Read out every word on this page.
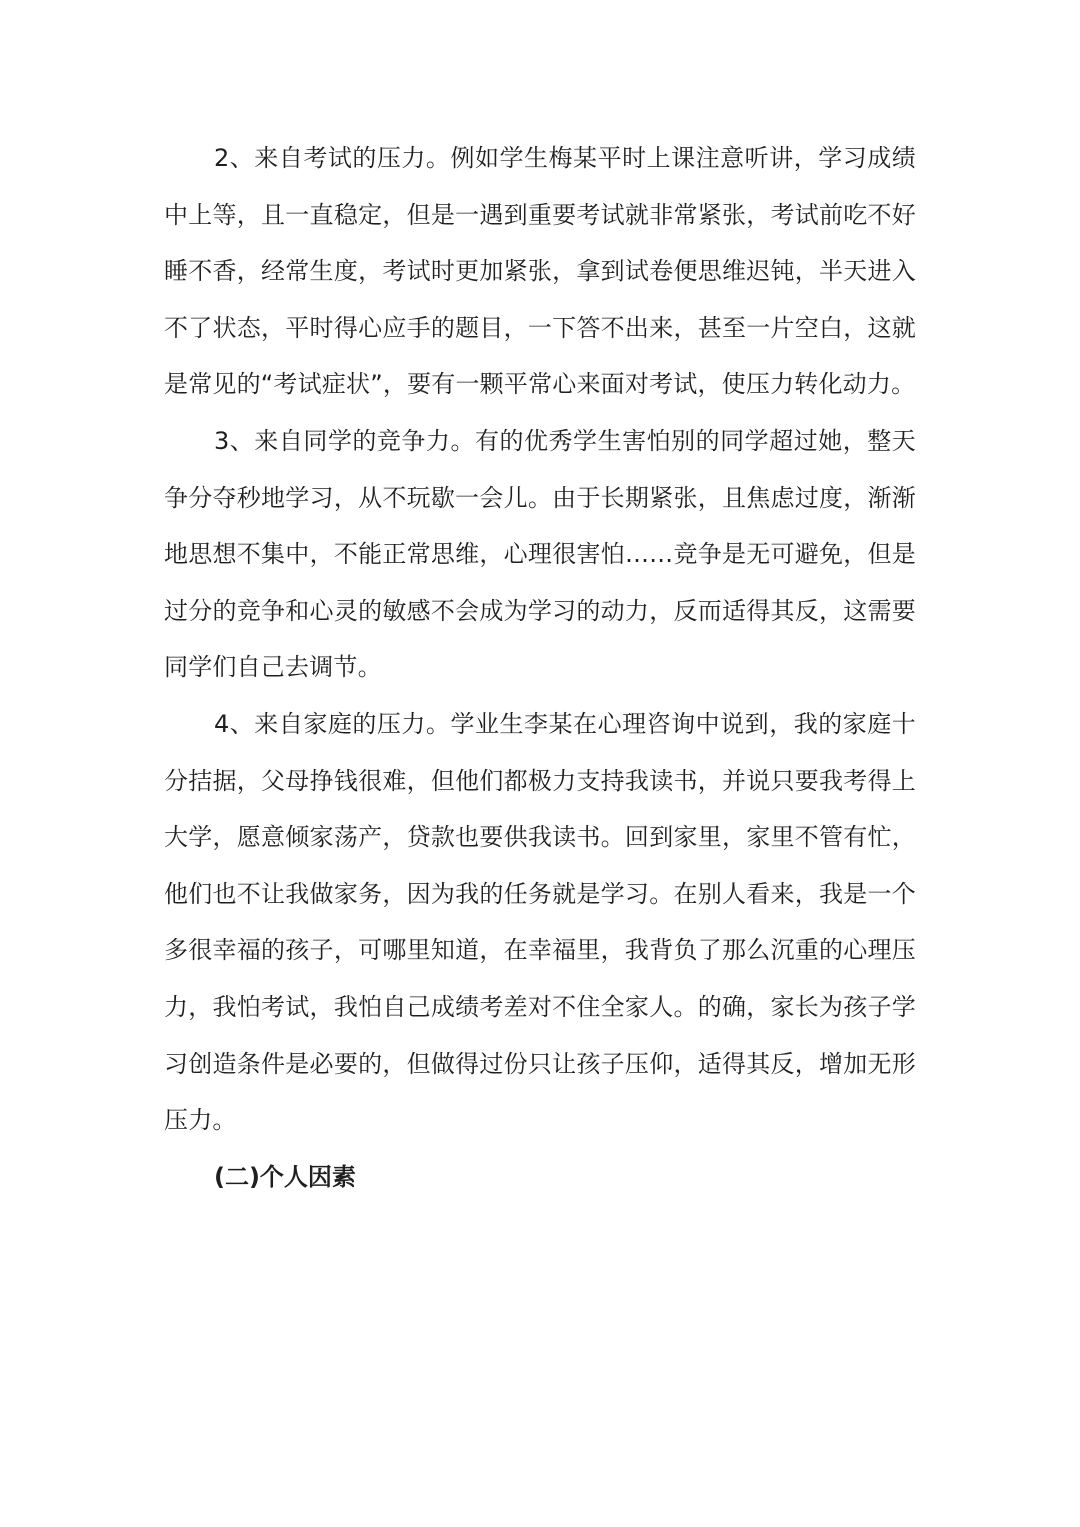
2、来自考试的压力。例如学生梅某平时上课注意听讲，学习成绩中上等，且一直稳定，但是一遇到重要考试就非常紧张，考试前吃不好睡不香，经常生度，考试时更加紧张，拿到试卷便思维迟钝，半天进入不了状态，平时得心应手的题目，一下答不出来，甚至一片空白，这就是常见的“考试症状”，要有一颗平常心来面对考试，使压力转化动力。

3、来自同学的竞争力。有的优秀学生害怕别的同学超过她，整天争分夺秒地学习，从不玩歇一会儿。由于长期紧张，且焦虑过度，渐渐地思想不集中，不能正常思维，心理很害怕……竞争是无可避免，但是过分的竞争和心灵的敏感不会成为学习的动力，反而适得其反，这需要同学们自己去调节。

4、来自家庭的压力。学业生李某在心理咨询中说到，我的家庭十分拮据，父母挣钱很难，但他们都极力支持我读书，并说只要我考得上大学，愿意倾家荡产，贷款也要供我读书。回到家里，家里不管有忙，他们也不让我做家务，因为我的任务就是学习。在别人看来，我是一个多很幸福的孩子，可哪里知道，在幸福里，我背负了那么沉重的心理压力，我怕考试，我怕自己成绩考差对不住全家人。的确，家长为孩子学习创造条件是必要的，但做得过份只让孩子压仰，适得其反，增加无形压力。

(二)个人因素
